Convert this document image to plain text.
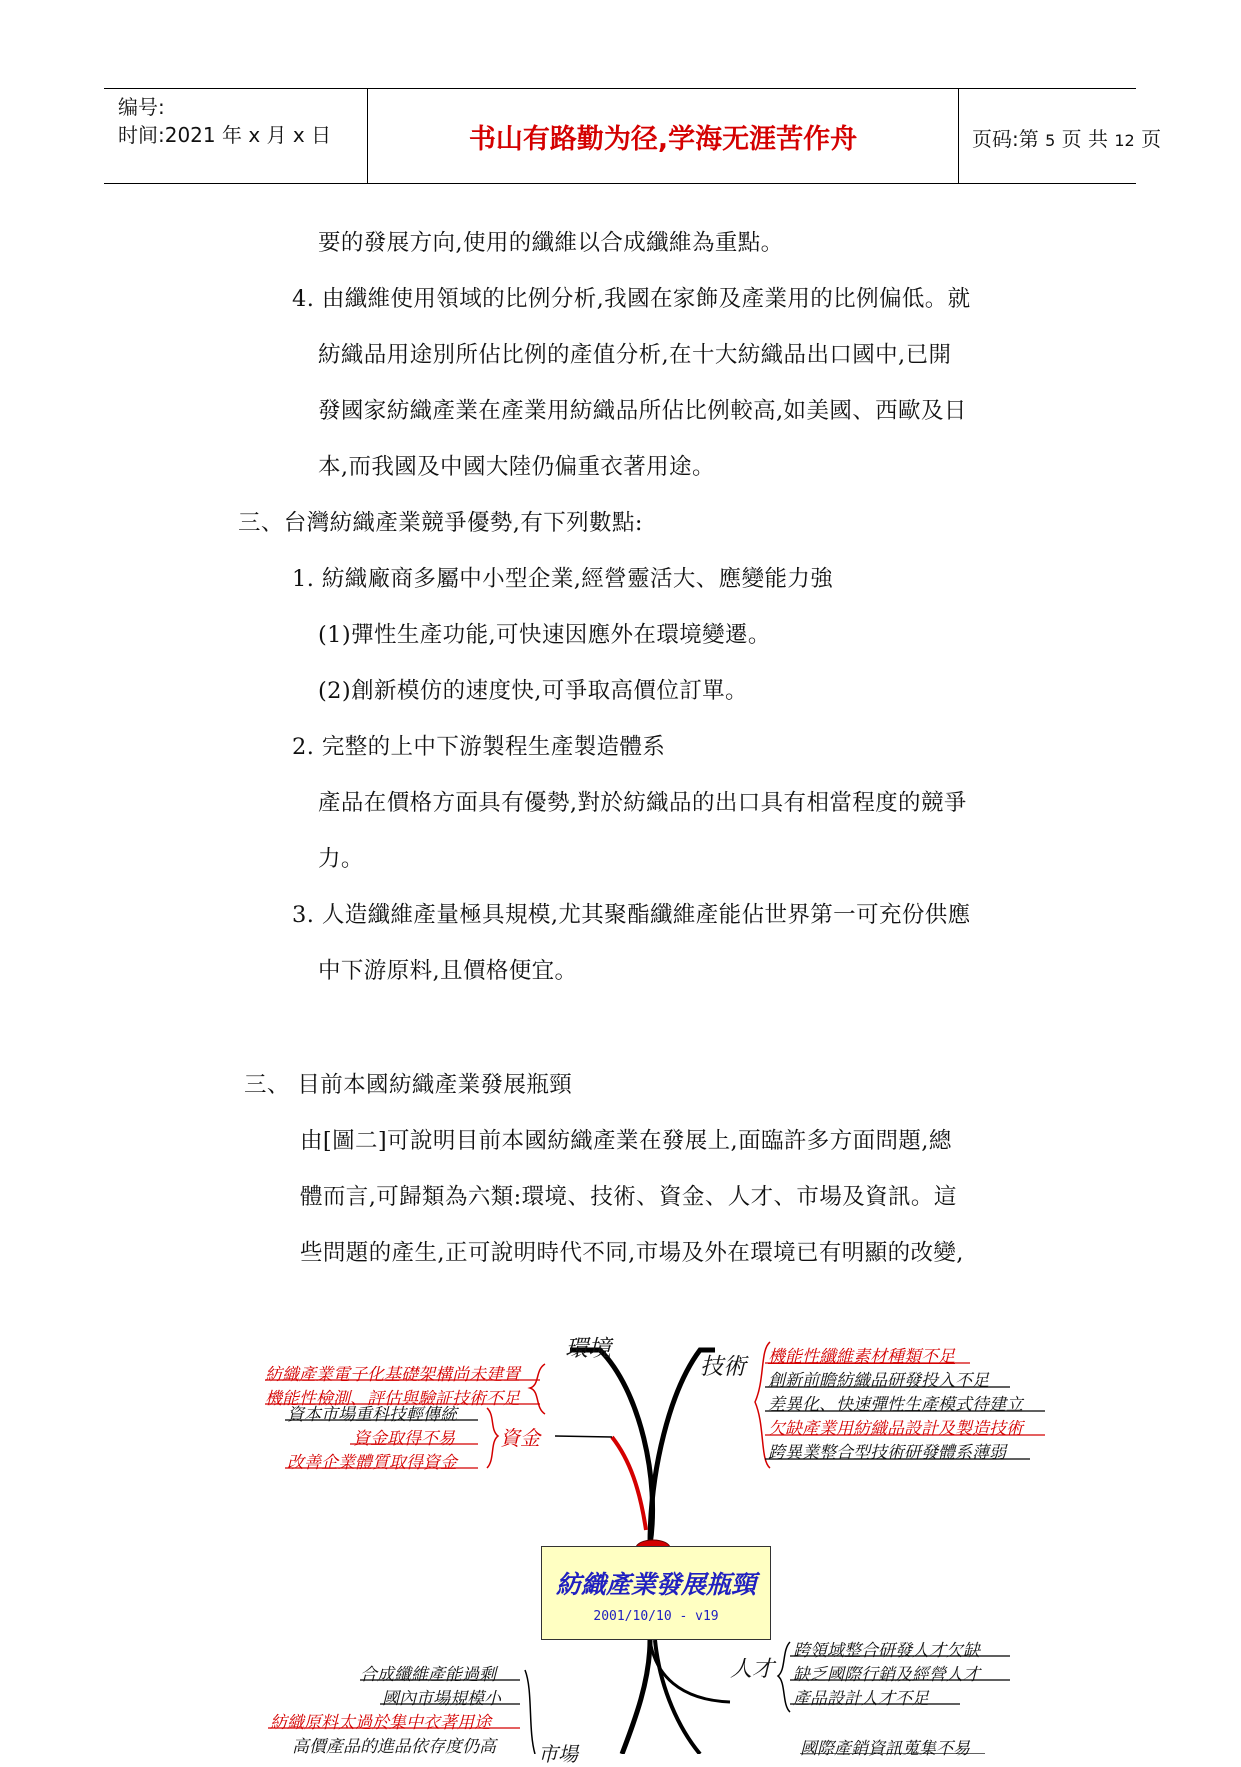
编号:
时间:2021 年 x 月 x 日	书山有路勤为径,学海无涯苦作舟	页码:第 5 页 共 12 页
要的發展方向,使用的纖維以合成纖維為重點。
4. 由纖維使用領域的比例分析,我國在家飾及產業用的比例偏低。就
紡織品用途別所佔比例的產值分析,在十大紡織品出口國中,已開
發國家紡織產業在產業用紡織品所佔比例較高,如美國、西歐及日
本,而我國及中國大陸仍偏重衣著用途。
三、台灣紡織產業競爭優勢,有下列數點:
1. 紡織廠商多屬中小型企業,經營靈活大、應變能力強
(1)彈性生產功能,可快速因應外在環境變遷。
(2)創新模仿的速度快,可爭取高價位訂單。
2. 完整的上中下游製程生產製造體系
產品在價格方面具有優勢,對於紡織品的出口具有相當程度的競爭
力。
3. 人造纖維產量極具規模,尤其聚酯纖維產能佔世界第一可充份供應
中下游原料,且價格便宜。
三、 目前本國紡織產業發展瓶頸
由[圖二]可說明目前本國紡織產業在發展上,面臨許多方面問題,總
體而言,可歸類為六類:環境、技術、資金、人才、市場及資訊。這
些問題的產生,正可說明時代不同,市場及外在環境已有明顯的改變,
紡織產業發展瓶頸
2001/10/10 - v19
環境
技術
資金
人才
市場
紡織產業電子化基礎架構尚未建置
機能性檢測、評估與驗証技術不足
機能性纖維素材種類不足
創新前瞻紡織品研發投入不足
差異化、快速彈性生產模式待建立
欠缺產業用紡織品設計及製造技術
跨異業整合型技術研發體系薄弱
資本市場重科技輕傳統
資金取得不易
改善企業體質取得資金
跨領域整合研發人才欠缺
缺乏國際行銷及經營人才
產品設計人才不足
合成纖維產能過剩
國內市場規模小
紡織原料太過於集中衣著用途
高價產品的進品依存度仍高	國際產銷資訊蒐集不易
